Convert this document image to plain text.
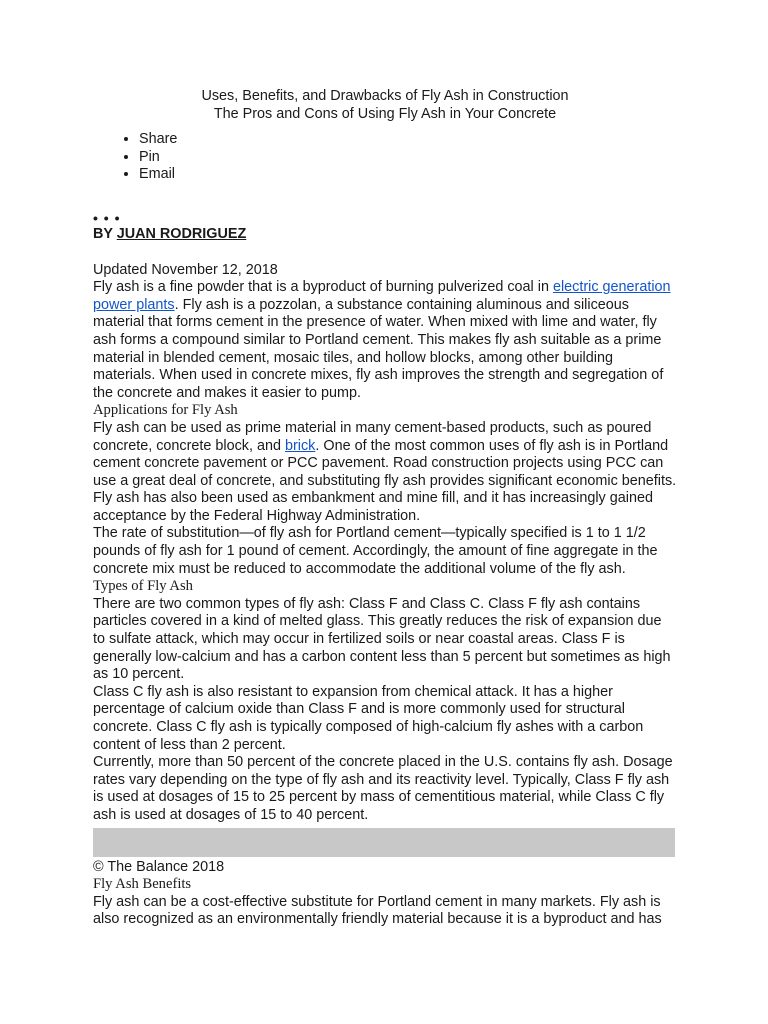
Uses, Benefits, and Drawbacks of Fly Ash in Construction
The Pros and Cons of Using Fly Ash in Your Concrete
• Share
• Pin
• Email
• • •
BY JUAN RODRIGUEZ
Updated November 12, 2018

Fly ash is a fine powder that is a byproduct of burning pulverized coal in electric generation power plants. Fly ash is a pozzolan, a substance containing aluminous and siliceous material that forms cement in the presence of water. When mixed with lime and water, fly ash forms a compound similar to Portland cement. This makes fly ash suitable as a prime material in blended cement, mosaic tiles, and hollow blocks, among other building materials. When used in concrete mixes, fly ash improves the strength and segregation of the concrete and makes it easier to pump.

Applications for Fly Ash

Fly ash can be used as prime material in many cement-based products, such as poured concrete, concrete block, and brick. One of the most common uses of fly ash is in Portland cement concrete pavement or PCC pavement. Road construction projects using PCC can use a great deal of concrete, and substituting fly ash provides significant economic benefits. Fly ash has also been used as embankment and mine fill, and it has increasingly gained acceptance by the Federal Highway Administration.

The rate of substitution—of fly ash for Portland cement—typically specified is 1 to 1 1/2 pounds of fly ash for 1 pound of cement. Accordingly, the amount of fine aggregate in the concrete mix must be reduced to accommodate the additional volume of the fly ash.

Types of Fly Ash

There are two common types of fly ash: Class F and Class C. Class F fly ash contains particles covered in a kind of melted glass. This greatly reduces the risk of expansion due to sulfate attack, which may occur in fertilized soils or near coastal areas. Class F is generally low-calcium and has a carbon content less than 5 percent but sometimes as high as 10 percent.

Class C fly ash is also resistant to expansion from chemical attack. It has a higher percentage of calcium oxide than Class F and is more commonly used for structural concrete. Class C fly ash is typically composed of high-calcium fly ashes with a carbon content of less than 2 percent.

Currently, more than 50 percent of the concrete placed in the U.S. contains fly ash. Dosage rates vary depending on the type of fly ash and its reactivity level. Typically, Class F fly ash is used at dosages of 15 to 25 percent by mass of cementitious material, while Class C fly ash is used at dosages of 15 to 40 percent.

© The Balance 2018
Fly Ash Benefits

Fly ash can be a cost-effective substitute for Portland cement in many markets. Fly ash is also recognized as an environmentally friendly material because it is a byproduct and has
